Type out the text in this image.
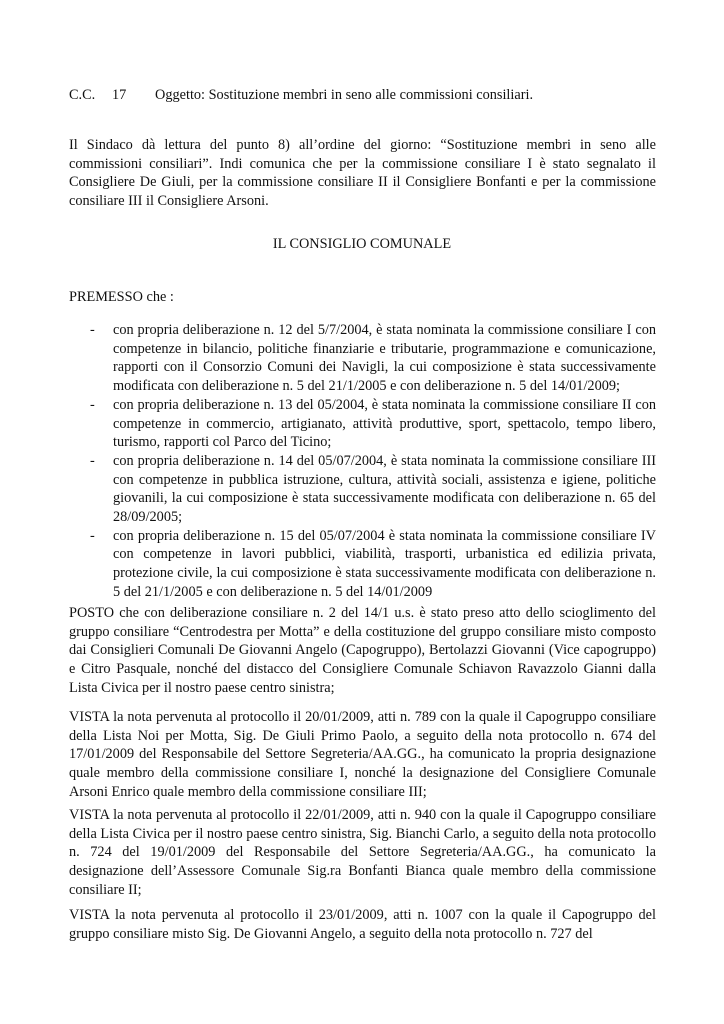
C.C. 17 Oggetto: Sostituzione membri in seno alle commissioni consiliari.

Il Sindaco dà lettura del punto 8) all’ordine del giorno: “Sostituzione membri in seno alle commissioni consiliari”. Indi comunica che per la commissione consiliare I è stato segnalato il Consigliere De Giuli, per la commissione consiliare II il Consigliere Bonfanti e per la commissione consiliare III il Consigliere Arsoni.

IL CONSIGLIO COMUNALE

PREMESSO che :

- con propria deliberazione n. 12 del 5/7/2004, è stata nominata la commissione consiliare I con competenze in bilancio, politiche finanziarie e tributarie, programmazione e comunicazione, rapporti con il Consorzio Comuni dei Navigli, la cui composizione è stata successivamente modificata con deliberazione n. 5 del 21/1/2005 e con deliberazione n. 5 del 14/01/2009;
- con propria deliberazione n. 13 del 05/2004, è stata nominata la commissione consiliare II con competenze in commercio, artigianato, attività produttive, sport, spettacolo, tempo libero, turismo, rapporti col Parco del Ticino;
- con propria deliberazione n. 14 del 05/07/2004, è stata nominata la commissione consiliare III con competenze in pubblica istruzione, cultura, attività sociali, assistenza e igiene, politiche giovanili, la cui composizione è stata successivamente modificata con deliberazione n. 65 del 28/09/2005;
- con propria deliberazione n. 15 del 05/07/2004 è stata nominata la commissione consiliare IV con competenze in lavori pubblici, viabilità, trasporti, urbanistica ed edilizia privata, protezione civile, la cui composizione è stata successivamente modificata con deliberazione n. 5 del 21/1/2005 e con deliberazione n. 5 del 14/01/2009

POSTO che con deliberazione consiliare n. 2 del 14/1 u.s. è stato preso atto dello scioglimento del gruppo consiliare “Centrodestra per Motta” e della costituzione del gruppo consiliare misto composto dai Consiglieri Comunali De Giovanni Angelo (Capogruppo), Bertolazzi Giovanni (Vice capogruppo) e Citro Pasquale, nonché del distacco del Consigliere Comunale Schiavon Ravazzolo Gianni dalla Lista Civica per il nostro paese centro sinistra;

VISTA la nota pervenuta al protocollo il 20/01/2009, atti n. 789 con la quale il Capogruppo consiliare della Lista Noi per Motta, Sig. De Giuli Primo Paolo, a seguito della nota protocollo n. 674 del 17/01/2009 del Responsabile del Settore Segreteria/AA.GG., ha comunicato la propria designazione quale membro della commissione consiliare I, nonché la designazione del Consigliere Comunale Arsoni Enrico quale membro della commissione consiliare III;

VISTA la nota pervenuta al protocollo il 22/01/2009, atti n. 940 con la quale il Capogruppo consiliare della Lista Civica per il nostro paese centro sinistra, Sig. Bianchi Carlo, a seguito della nota protocollo n. 724 del 19/01/2009 del Responsabile del Settore Segreteria/AA.GG., ha comunicato la designazione dell’Assessore Comunale Sig.ra Bonfanti Bianca quale membro della commissione consiliare II;

VISTA la nota pervenuta al protocollo il 23/01/2009, atti n. 1007 con la quale il Capogruppo del gruppo consiliare misto Sig. De Giovanni Angelo, a seguito della nota protocollo n. 727 del
